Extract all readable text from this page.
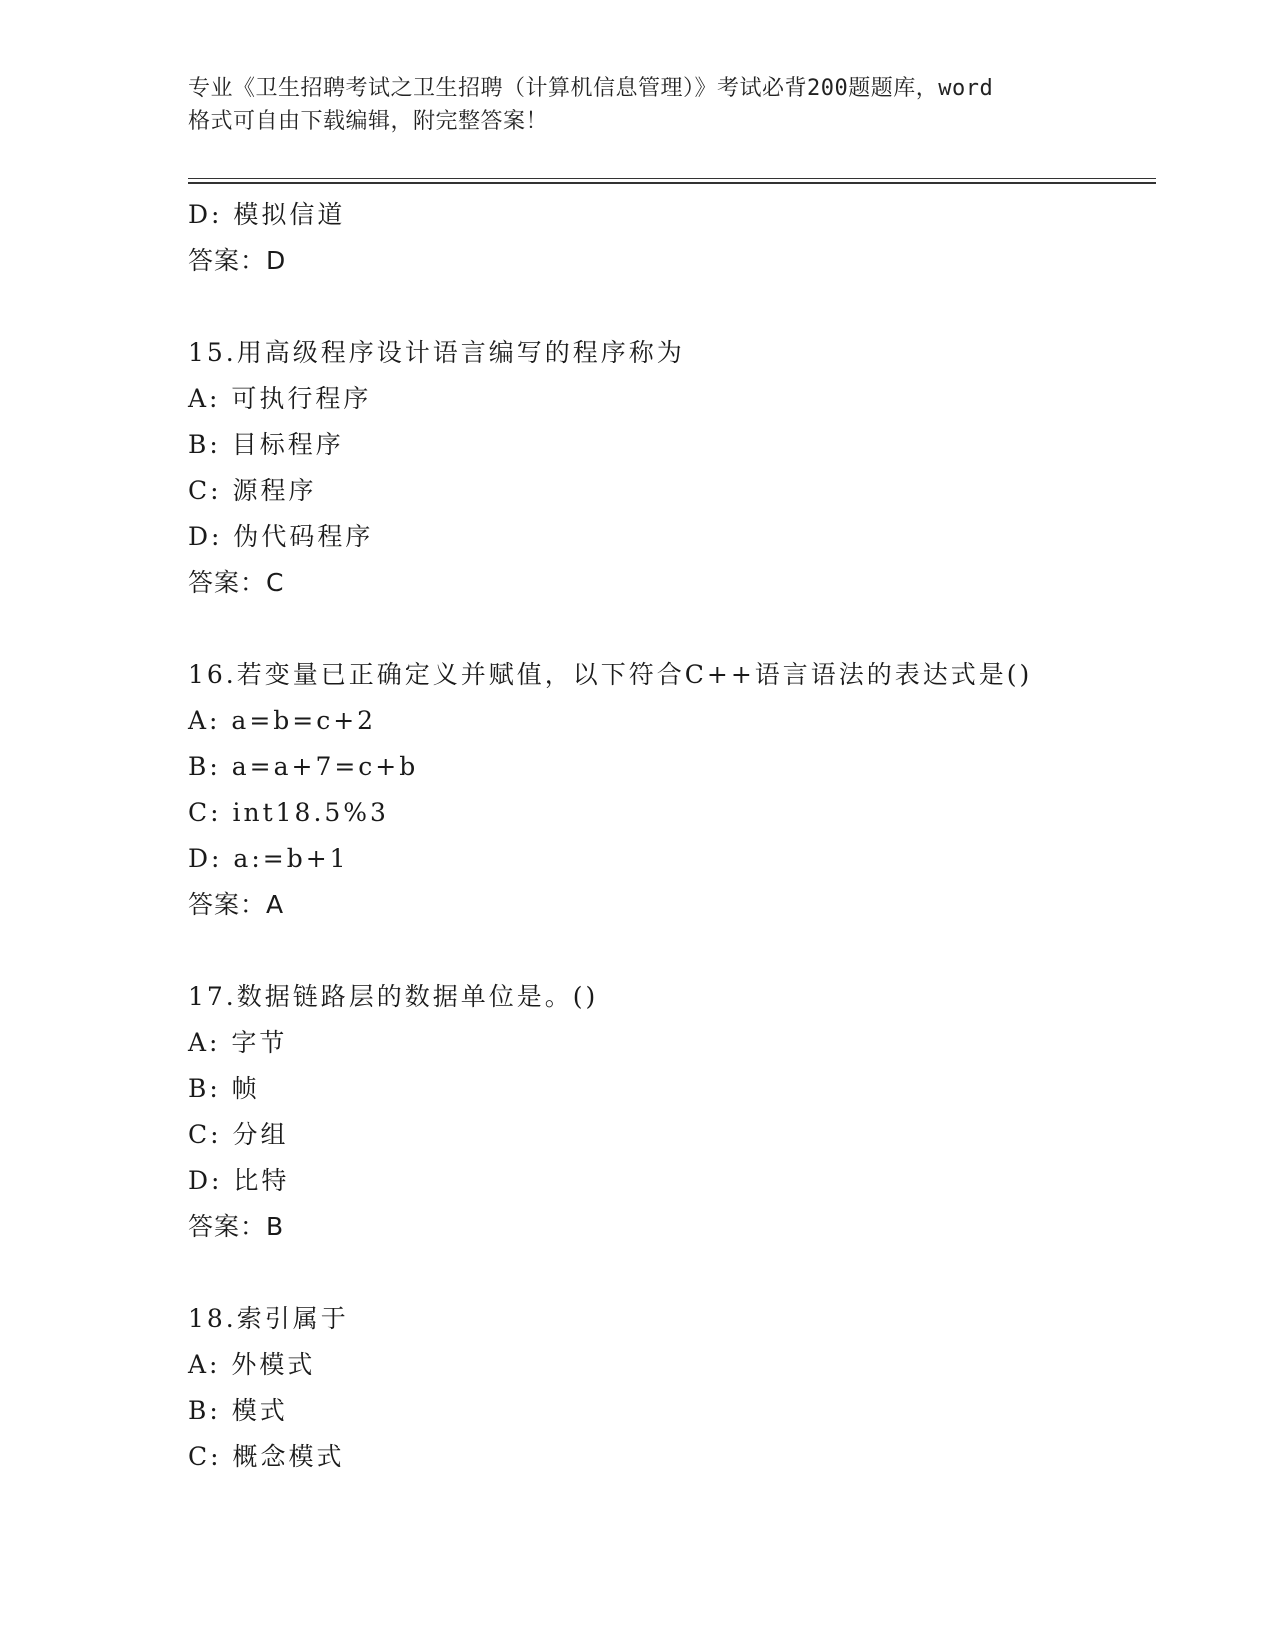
专业《卫生招聘考试之卫生招聘（计算机信息管理）》考试必背200题题库，word
格式可自由下载编辑，附完整答案！
D: 模拟信道
答案：D
15.用高级程序设计语言编写的程序称为
A: 可执行程序
B: 目标程序
C: 源程序
D: 伪代码程序
答案：C
16.若变量已正确定义并赋值，以下符合C++语言语法的表达式是()
A: a=b=c+2
B: a=a+7=c+b
C: int18.5%3
D: a:=b+1
答案：A
17.数据链路层的数据单位是。()
A: 字节
B: 帧
C: 分组
D: 比特
答案：B
18.索引属于
A: 外模式
B: 模式
C: 概念模式
